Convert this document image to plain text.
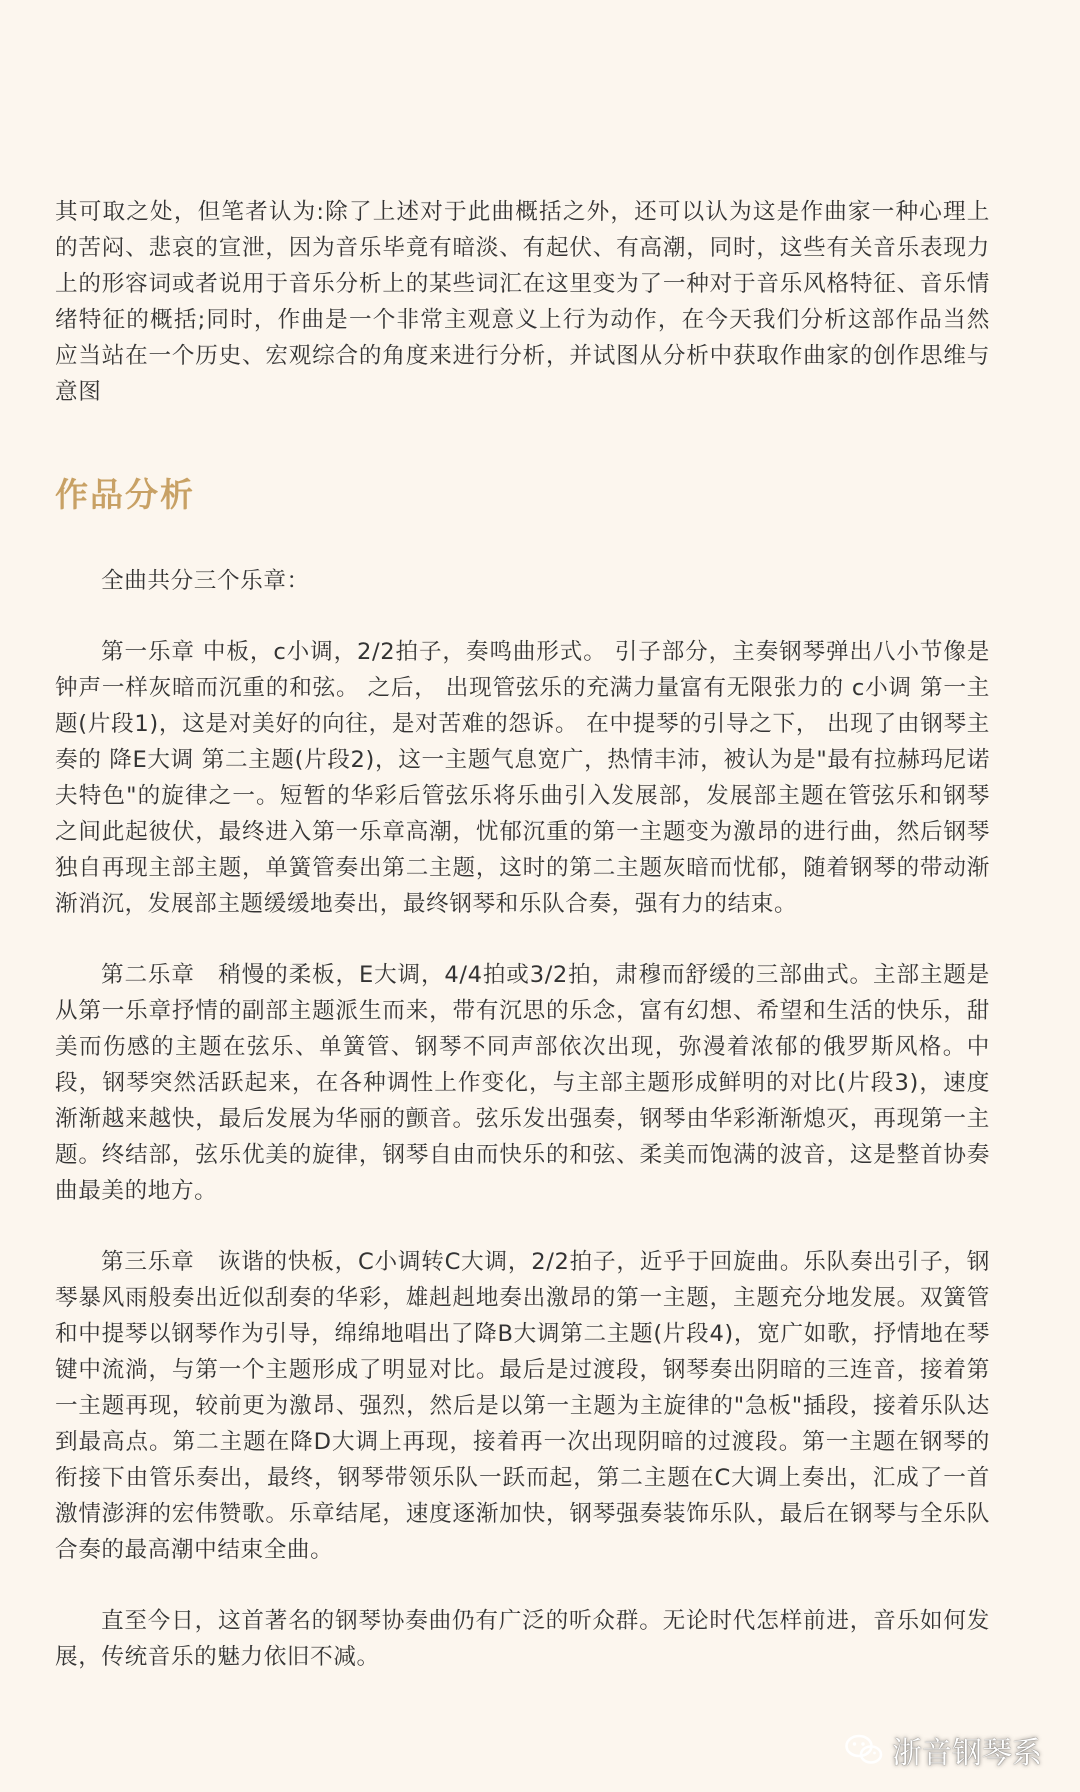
其可取之处，但笔者认为:除了上述对于此曲概括之外，还可以认为这是作曲家一种心理上的苦闷、悲哀的宣泄，因为音乐毕竟有暗淡、有起伏、有高潮，同时，这些有关音乐表现力上的形容词或者说用于音乐分析上的某些词汇在这里变为了一种对于音乐风格特征、音乐情绪特征的概括;同时，作曲是一个非常主观意义上行为动作，在今天我们分析这部作品当然应当站在一个历史、宏观综合的角度来进行分析，并试图从分析中获取作曲家的创作思维与意图

作品分析

全曲共分三个乐章：

第一乐章 中板，c小调，2/2拍子，奏鸣曲形式。 引子部分，主奏钢琴弹出八小节像是钟声一样灰暗而沉重的和弦。 之后， 出现管弦乐的充满力量富有无限张力的 c小调 第一主题(片段1)，这是对美好的向往，是对苦难的怨诉。 在中提琴的引导之下， 出现了由钢琴主奏的 降E大调 第二主题(片段2)，这一主题气息宽广，热情丰沛，被认为是"最有拉赫玛尼诺夫特色"的旋律之一。短暂的华彩后管弦乐将乐曲引入发展部，发展部主题在管弦乐和钢琴之间此起彼伏，最终进入第一乐章高潮，忧郁沉重的第一主题变为激昂的进行曲，然后钢琴独自再现主部主题，单簧管奏出第二主题，这时的第二主题灰暗而忧郁，随着钢琴的带动渐渐消沉，发展部主题缓缓地奏出，最终钢琴和乐队合奏，强有力的结束。

第二乐章　稍慢的柔板，E大调，4/4拍或3/2拍，肃穆而舒缓的三部曲式。主部主题是从第一乐章抒情的副部主题派生而来，带有沉思的乐念，富有幻想、希望和生活的快乐，甜美而伤感的主题在弦乐、单簧管、钢琴不同声部依次出现，弥漫着浓郁的俄罗斯风格。中段，钢琴突然活跃起来，在各种调性上作变化，与主部主题形成鲜明的对比(片段3)，速度渐渐越来越快，最后发展为华丽的颤音。弦乐发出强奏，钢琴由华彩渐渐熄灭，再现第一主题。终结部，弦乐优美的旋律，钢琴自由而快乐的和弦、柔美而饱满的波音，这是整首协奏曲最美的地方。

第三乐章　诙谐的快板，C小调转C大调，2/2拍子，近乎于回旋曲。乐队奏出引子，钢琴暴风雨般奏出近似刮奏的华彩，雄赳赳地奏出激昂的第一主题，主题充分地发展。双簧管和中提琴以钢琴作为引导，绵绵地唱出了降B大调第二主题(片段4)，宽广如歌，抒情地在琴键中流淌，与第一个主题形成了明显对比。最后是过渡段，钢琴奏出阴暗的三连音，接着第一主题再现，较前更为激昂、强烈，然后是以第一主题为主旋律的"急板"插段，接着乐队达到最高点。第二主题在降D大调上再现，接着再一次出现阴暗的过渡段。第一主题在钢琴的衔接下由管乐奏出，最终，钢琴带领乐队一跃而起，第二主题在C大调上奏出，汇成了一首激情澎湃的宏伟赞歌。乐章结尾，速度逐渐加快，钢琴强奏装饰乐队，最后在钢琴与全乐队合奏的最高潮中结束全曲。

直至今日，这首著名的钢琴协奏曲仍有广泛的听众群。无论时代怎样前进，音乐如何发展，传统音乐的魅力依旧不减。

浙音钢琴系
